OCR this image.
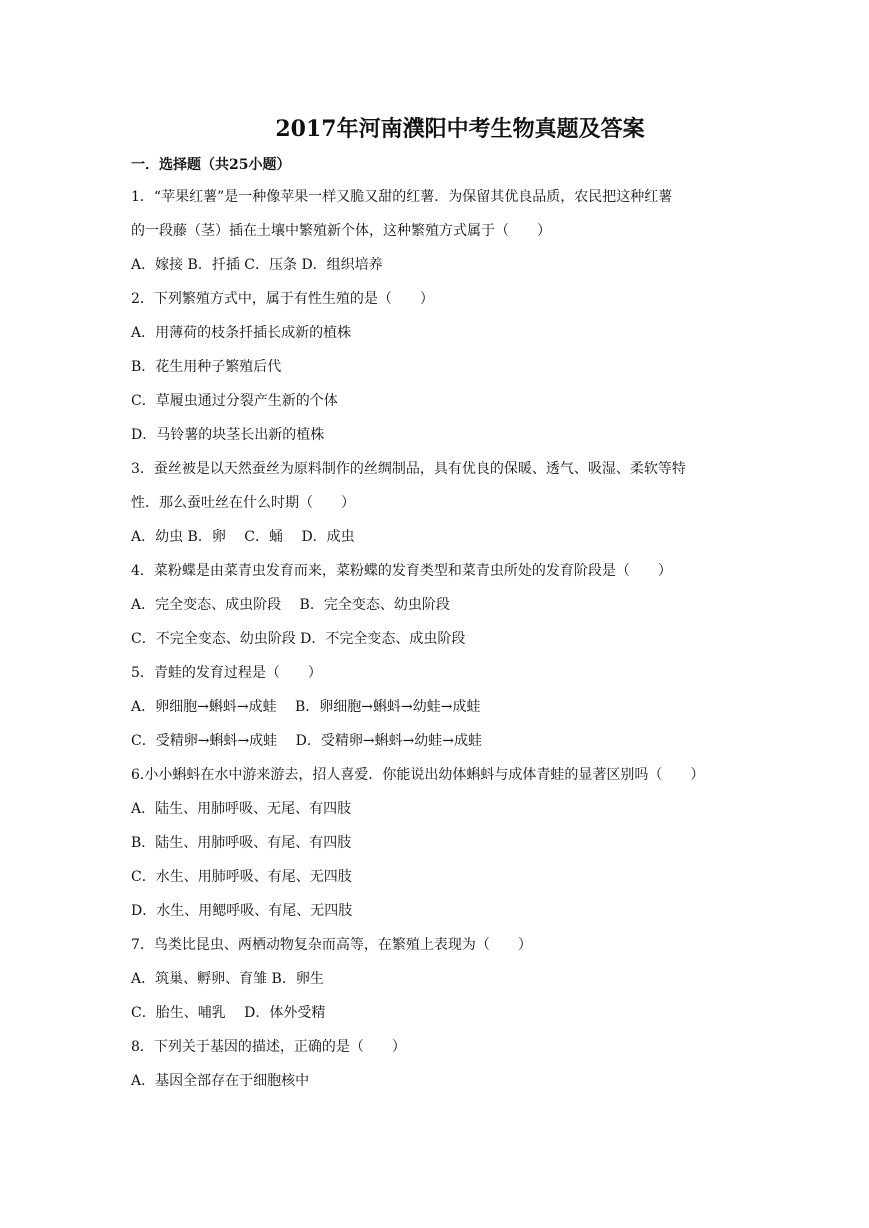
2017年河南濮阳中考生物真题及答案
一．选择题（共25小题）
1．“苹果红薯”是一种像苹果一样又脆又甜的红薯．为保留其优良品质，农民把这种红薯
的一段藤（茎）插在土壤中繁殖新个体，这种繁殖方式属于（　　）
A．嫁接 B．扦插 C．压条 D．组织培养
2．下列繁殖方式中，属于有性生殖的是（　　）
A．用薄荷的枝条扦插长成新的植株
B．花生用种子繁殖后代
C．草履虫通过分裂产生新的个体
D．马铃薯的块茎长出新的植株
3．蚕丝被是以天然蚕丝为原料制作的丝绸制品，具有优良的保暖、透气、吸湿、柔软等特
性．那么蚕吐丝在什么时期（　　）
A．幼虫 B．卵　 C．蛹　 D．成虫
4．菜粉蝶是由菜青虫发育而来，菜粉蝶的发育类型和菜青虫所处的发育阶段是（　　）
A．完全变态、成虫阶段　 B．完全变态、幼虫阶段
C．不完全变态、幼虫阶段 D．不完全变态、成虫阶段
5．青蛙的发育过程是（　　）
A．卵细胞→蝌蚪→成蛙　 B．卵细胞→蝌蚪→幼蛙→成蛙
C．受精卵→蝌蚪→成蛙　 D．受精卵→蝌蚪→幼蛙→成蛙
6.小小蝌蚪在水中游来游去，招人喜爱．你能说出幼体蝌蚪与成体青蛙的显著区别吗（　　）
A．陆生、用肺呼吸、无尾、有四肢
B．陆生、用肺呼吸、有尾、有四肢
C．水生、用肺呼吸、有尾、无四肢
D．水生、用鳃呼吸、有尾、无四肢
7．鸟类比昆虫、两栖动物复杂而高等，在繁殖上表现为（　　）
A．筑巢、孵卵、育雏 B．卵生
C．胎生、哺乳　 D．体外受精
8．下列关于基因的描述，正确的是（　　）
A．基因全部存在于细胞核中
